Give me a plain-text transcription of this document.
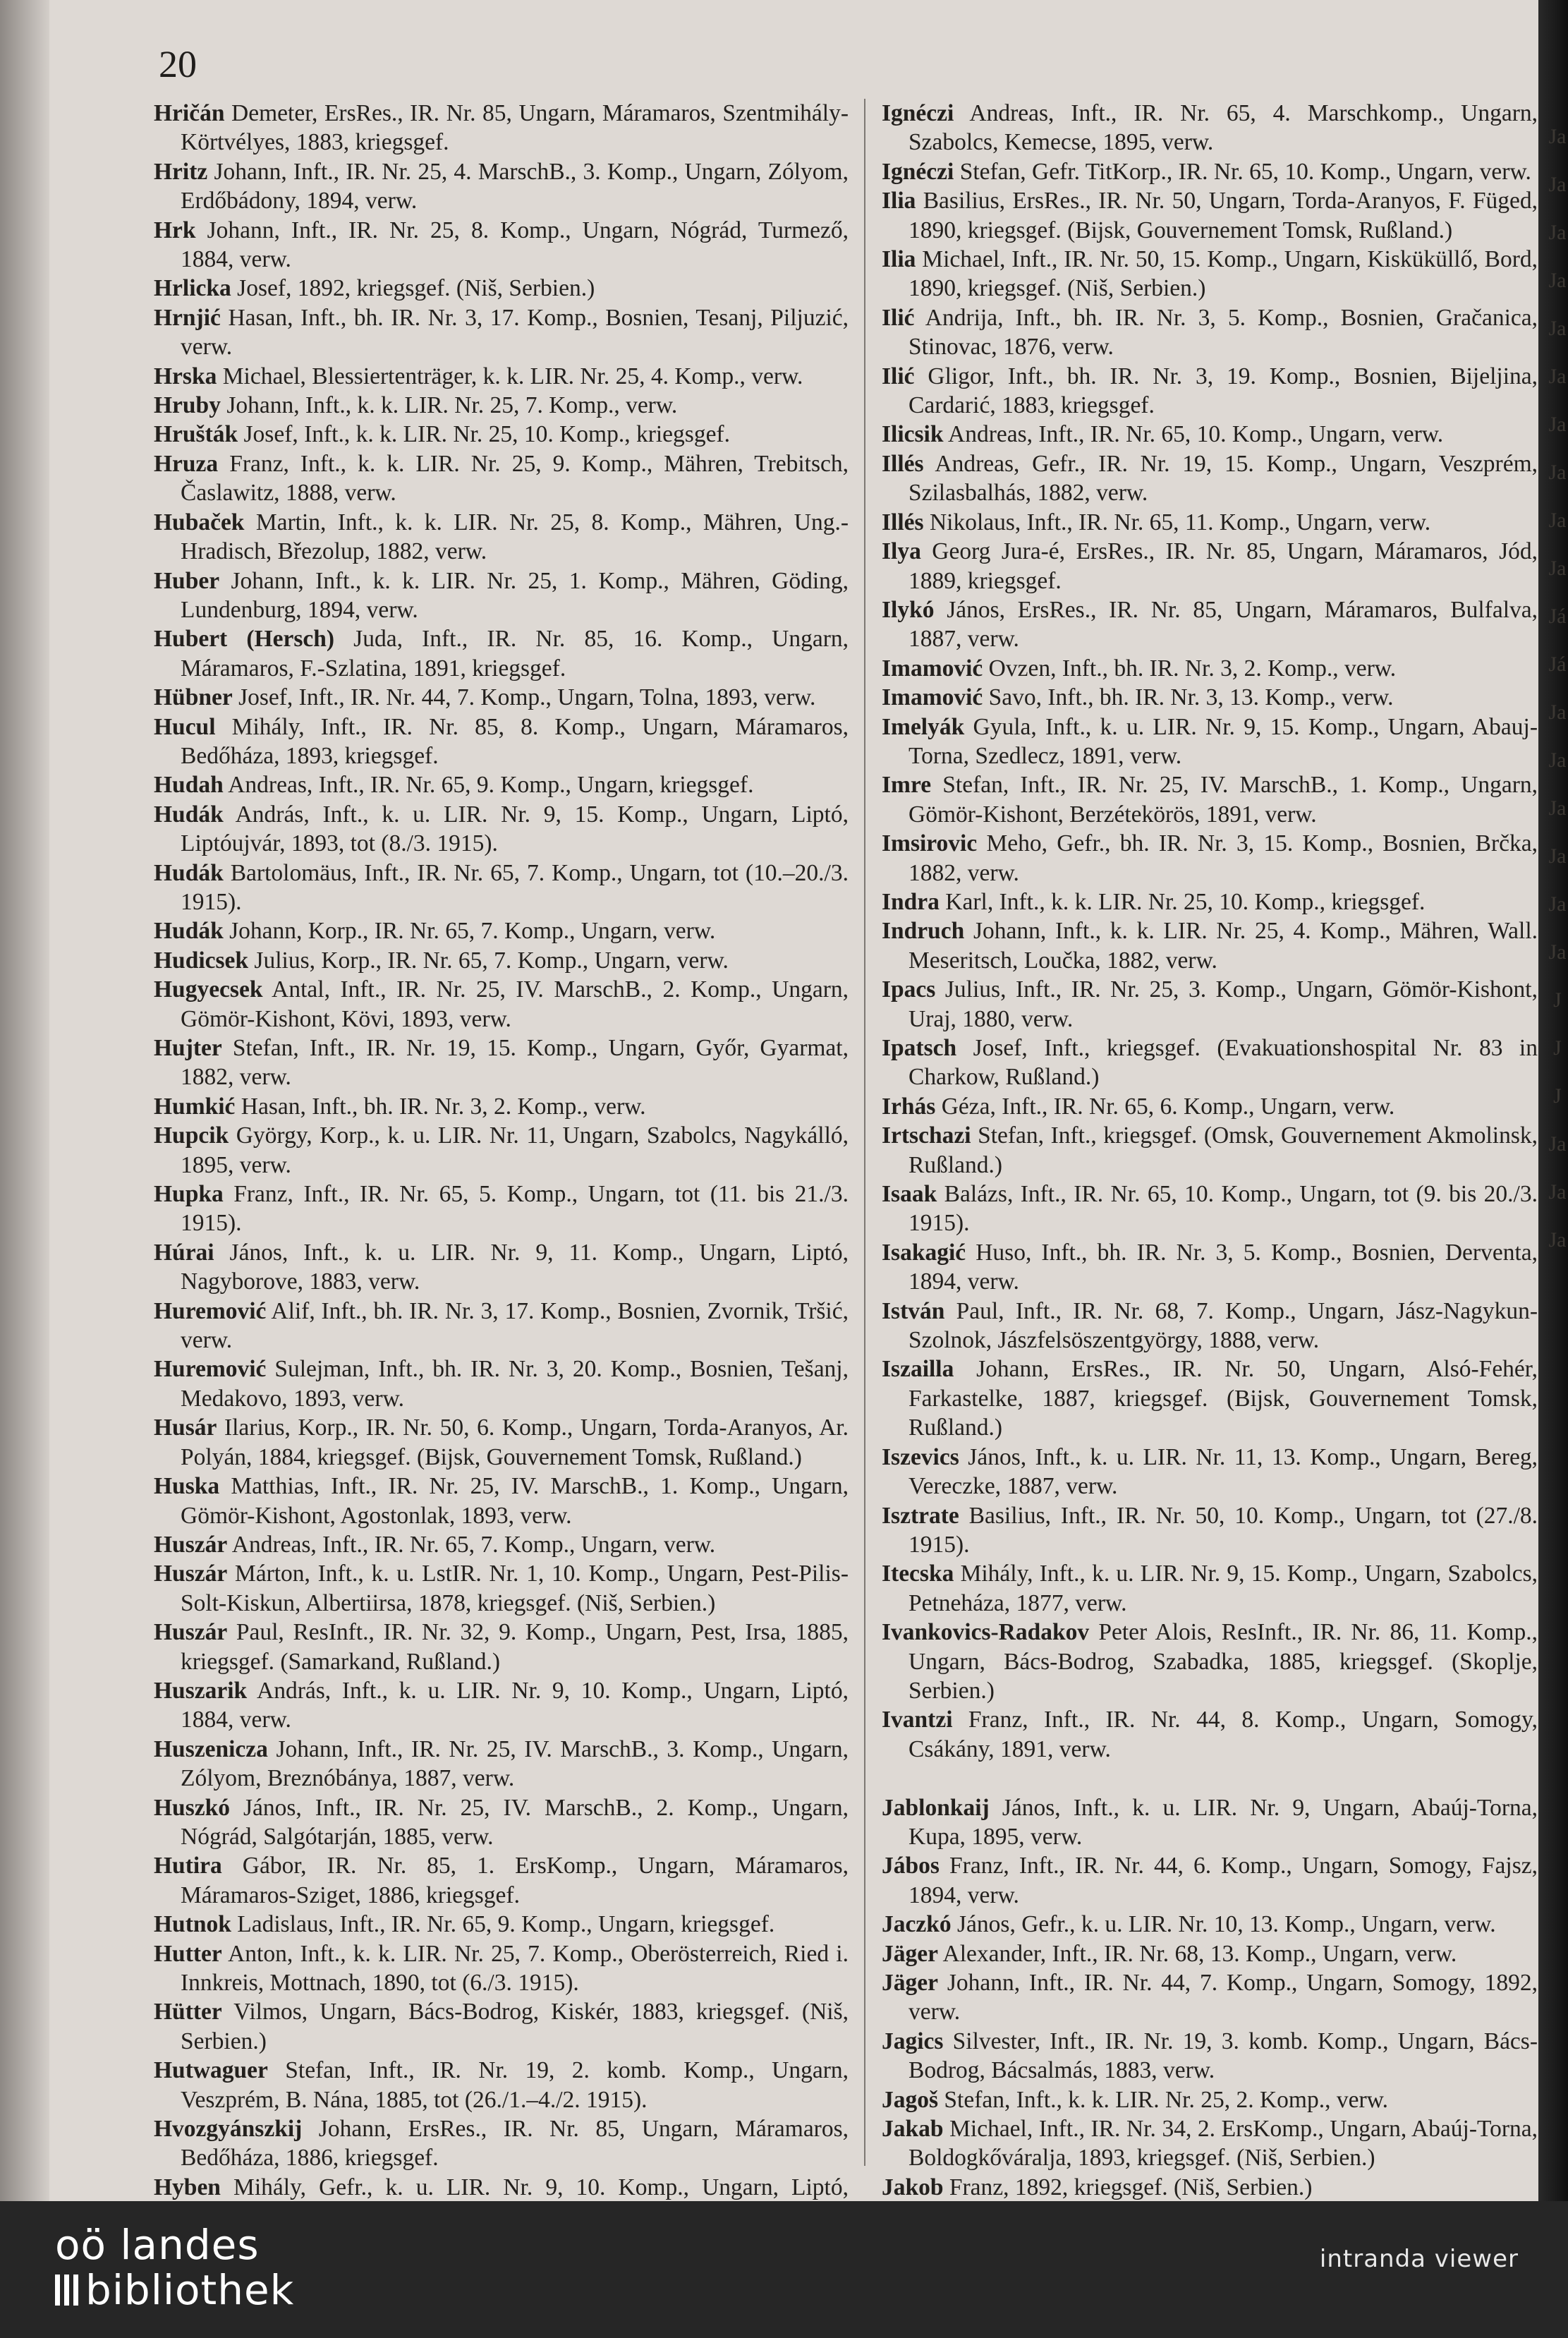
20

Hričán Demeter, ErsRes., IR. Nr. 85, Ungarn, Máramaros, Szentmihály-Körtvélyes, 1883, kriegsgef.

Hritz Johann, Inft., IR. Nr. 25, 4. MarschB., 3. Komp., Ungarn, Zólyom, Erdőbádony, 1894, verw.

Hrk Johann, Inft., IR. Nr. 25, 8. Komp., Ungarn, Nógrád, Turmező, 1884, verw.

Hrlicka Josef, 1892, kriegsgef. (Niš, Serbien.)

Hrnjić Hasan, Inft., bh. IR. Nr. 3, 17. Komp., Bosnien, Tesanj, Piljuzić, verw.

Hrska Michael, Blessiertenträger, k. k. LIR. Nr. 25, 4. Komp., verw.

Hruby Johann, Inft., k. k. LIR. Nr. 25, 7. Komp., verw.

Hrušták Josef, Inft., k. k. LIR. Nr. 25, 10. Komp., kriegsgef.

Hruza Franz, Inft., k. k. LIR. Nr. 25, 9. Komp., Mähren, Trebitsch, Časlawitz, 1888, verw.

Hubaček Martin, Inft., k. k. LIR. Nr. 25, 8. Komp., Mähren, Ung.-Hradisch, Březolup, 1882, verw.

Huber Johann, Inft., k. k. LIR. Nr. 25, 1. Komp., Mähren, Göding, Lundenburg, 1894, verw.

Hubert (Hersch) Juda, Inft., IR. Nr. 85, 16. Komp., Ungarn, Máramaros, F.-Szlatina, 1891, kriegsgef.

Hübner Josef, Inft., IR. Nr. 44, 7. Komp., Ungarn, Tolna, 1893, verw.

Hucul Mihály, Inft., IR. Nr. 85, 8. Komp., Ungarn, Máramaros, Bedőháza, 1893, kriegsgef.

Hudah Andreas, Inft., IR. Nr. 65, 9. Komp., Ungarn, kriegsgef.

Hudák András, Inft., k. u. LIR. Nr. 9, 15. Komp., Ungarn, Liptó, Liptóujvár, 1893, tot (8./3. 1915).

Hudák Bartolomäus, Inft., IR. Nr. 65, 7. Komp., Ungarn, tot (10.–20./3. 1915).

Hudák Johann, Korp., IR. Nr. 65, 7. Komp., Ungarn, verw.

Hudicsek Julius, Korp., IR. Nr. 65, 7. Komp., Ungarn, verw.

Hugyecsek Antal, Inft., IR. Nr. 25, IV. MarschB., 2. Komp., Ungarn, Gömör-Kishont, Kövi, 1893, verw.

Hujter Stefan, Inft., IR. Nr. 19, 15. Komp., Ungarn, Győr, Gyarmat, 1882, verw.

Humkić Hasan, Inft., bh. IR. Nr. 3, 2. Komp., verw.

Hupcik György, Korp., k. u. LIR. Nr. 11, Ungarn, Szabolcs, Nagykálló, 1895, verw.

Hupka Franz, Inft., IR. Nr. 65, 5. Komp., Ungarn, tot (11. bis 21./3. 1915).

Húrai János, Inft., k. u. LIR. Nr. 9, 11. Komp., Ungarn, Liptó, Nagyborove, 1883, verw.

Huremović Alif, Inft., bh. IR. Nr. 3, 17. Komp., Bosnien, Zvornik, Tršić, verw.

Huremović Sulejman, Inft., bh. IR. Nr. 3, 20. Komp., Bosnien, Tešanj, Medakovo, 1893, verw.

Husár Ilarius, Korp., IR. Nr. 50, 6. Komp., Ungarn, Torda-Aranyos, Ar. Polyán, 1884, kriegsgef. (Bijsk, Gouvernement Tomsk, Rußland.)

Huska Matthias, Inft., IR. Nr. 25, IV. MarschB., 1. Komp., Ungarn, Gömör-Kishont, Agostonlak, 1893, verw.

Huszár Andreas, Inft., IR. Nr. 65, 7. Komp., Ungarn, verw.

Huszár Márton, Inft., k. u. LstIR. Nr. 1, 10. Komp., Ungarn, Pest-Pilis-Solt-Kiskun, Albertiirsa, 1878, kriegsgef. (Niš, Serbien.)

Huszár Paul, ResInft., IR. Nr. 32, 9. Komp., Ungarn, Pest, Irsa, 1885, kriegsgef. (Samarkand, Rußland.)

Huszarik András, Inft., k. u. LIR. Nr. 9, 10. Komp., Ungarn, Liptó, 1884, verw.

Huszenicza Johann, Inft., IR. Nr. 25, IV. MarschB., 3. Komp., Ungarn, Zólyom, Breznóbánya, 1887, verw.

Huszkó János, Inft., IR. Nr. 25, IV. MarschB., 2. Komp., Ungarn, Nógrád, Salgótarján, 1885, verw.

Hutira Gábor, IR. Nr. 85, 1. ErsKomp., Ungarn, Máramaros, Máramaros-Sziget, 1886, kriegsgef.

Hutnok Ladislaus, Inft., IR. Nr. 65, 9. Komp., Ungarn, kriegsgef.

Hutter Anton, Inft., k. k. LIR. Nr. 25, 7. Komp., Oberösterreich, Ried i. Innkreis, Mottnach, 1890, tot (6./3. 1915).

Hütter Vilmos, Ungarn, Bács-Bodrog, Kiskér, 1883, kriegsgef. (Niš, Serbien.)

Hutwaguer Stefan, Inft., IR. Nr. 19, 2. komb. Komp., Ungarn, Veszprém, B. Nána, 1885, tot (26./1.–4./2. 1915).

Hvozgyánszkij Johann, ErsRes., IR. Nr. 85, Ungarn, Máramaros, Bedőháza, 1886, kriegsgef.

Hyben Mihály, Gefr., k. u. LIR. Nr. 9, 10. Komp., Ungarn, Liptó,

Ignéczi Andreas, Inft., IR. Nr. 65, 4. Marschkomp., Ungarn, Szabolcs, Kemecse, 1895, verw.

Ignéczi Stefan, Gefr. TitKorp., IR. Nr. 65, 10. Komp., Ungarn, verw.

Ilia Basilius, ErsRes., IR. Nr. 50, Ungarn, Torda-Aranyos, F. Füged, 1890, kriegsgef. (Bijsk, Gouvernement Tomsk, Rußland.)

Ilia Michael, Inft., IR. Nr. 50, 15. Komp., Ungarn, Kisküküllő, Bord, 1890, kriegsgef. (Niš, Serbien.)

Ilić Andrija, Inft., bh. IR. Nr. 3, 5. Komp., Bosnien, Gračanica, Stinovac, 1876, verw.

Ilić Gligor, Inft., bh. IR. Nr. 3, 19. Komp., Bosnien, Bijeljina, Cardarić, 1883, kriegsgef.

Ilicsik Andreas, Inft., IR. Nr. 65, 10. Komp., Ungarn, verw.

Illés Andreas, Gefr., IR. Nr. 19, 15. Komp., Ungarn, Veszprém, Szilasbalhás, 1882, verw.

Illés Nikolaus, Inft., IR. Nr. 65, 11. Komp., Ungarn, verw.

Ilya Georg Jura-é, ErsRes., IR. Nr. 85, Ungarn, Máramaros, Jód, 1889, kriegsgef.

Ilykó János, ErsRes., IR. Nr. 85, Ungarn, Máramaros, Bulfalva, 1887, verw.

Imamović Ovzen, Inft., bh. IR. Nr. 3, 2. Komp., verw.

Imamović Savo, Inft., bh. IR. Nr. 3, 13. Komp., verw.

Imelyák Gyula, Inft., k. u. LIR. Nr. 9, 15. Komp., Ungarn, Abauj-Torna, Szedlecz, 1891, verw.

Imre Stefan, Inft., IR. Nr. 25, IV. MarschB., 1. Komp., Ungarn, Gömör-Kishont, Berzétekörös, 1891, verw.

Imsirovic Meho, Gefr., bh. IR. Nr. 3, 15. Komp., Bosnien, Brčka, 1882, verw.

Indra Karl, Inft., k. k. LIR. Nr. 25, 10. Komp., kriegsgef.

Indruch Johann, Inft., k. k. LIR. Nr. 25, 4. Komp., Mähren, Wall. Meseritsch, Loučka, 1882, verw.

Ipacs Julius, Inft., IR. Nr. 25, 3. Komp., Ungarn, Gömör-Kishont, Uraj, 1880, verw.

Ipatsch Josef, Inft., kriegsgef. (Evakuationshospital Nr. 83 in Charkow, Rußland.)

Irhás Géza, Inft., IR. Nr. 65, 6. Komp., Ungarn, verw.

Irtschazi Stefan, Inft., kriegsgef. (Omsk, Gouvernement Akmolinsk, Rußland.)

Isaak Balázs, Inft., IR. Nr. 65, 10. Komp., Ungarn, tot (9. bis 20./3. 1915).

Isakagić Huso, Inft., bh. IR. Nr. 3, 5. Komp., Bosnien, Derventa, 1894, verw.

István Paul, Inft., IR. Nr. 68, 7. Komp., Ungarn, Jász-Nagykun-Szolnok, Jászfelsöszentgyörgy, 1888, verw.

Iszailla Johann, ErsRes., IR. Nr. 50, Ungarn, Alsó-Fehér, Farkastelke, 1887, kriegsgef. (Bijsk, Gouvernement Tomsk, Rußland.)

Iszevics János, Inft., k. u. LIR. Nr. 11, 13. Komp., Ungarn, Bereg, Vereczke, 1887, verw.

Isztrate Basilius, Inft., IR. Nr. 50, 10. Komp., Ungarn, tot (27./8. 1915).

Itecska Mihály, Inft., k. u. LIR. Nr. 9, 15. Komp., Ungarn, Szabolcs, Petneháza, 1877, verw.

Ivankovics-Radakov Peter Alois, ResInft., IR. Nr. 86, 11. Komp., Ungarn, Bács-Bodrog, Szabadka, 1885, kriegsgef. (Skoplje, Serbien.)

Ivantzi Franz, Inft., IR. Nr. 44, 8. Komp., Ungarn, Somogy, Csákány, 1891, verw.

Jablonkaij János, Inft., k. u. LIR. Nr. 9, Ungarn, Abaúj-Torna, Kupa, 1895, verw.

Jábos Franz, Inft., IR. Nr. 44, 6. Komp., Ungarn, Somogy, Fajsz, 1894, verw.

Jaczkó János, Gefr., k. u. LIR. Nr. 10, 13. Komp., Ungarn, verw.

Jäger Alexander, Inft., IR. Nr. 68, 13. Komp., Ungarn, verw.

Jäger Johann, Inft., IR. Nr. 44, 7. Komp., Ungarn, Somogy, 1892, verw.

Jagics Silvester, Inft., IR. Nr. 19, 3. komb. Komp., Ungarn, Bács-Bodrog, Bácsalmás, 1883, verw.

Jagoš Stefan, Inft., k. k. LIR. Nr. 25, 2. Komp., verw.

Jakab Michael, Inft., IR. Nr. 34, 2. ErsKomp., Ungarn, Abaúj-Torna, Boldogkőváralja, 1893, kriegsgef. (Niš, Serbien.)

Jakob Franz, 1892, kriegsgef. (Niš, Serbien.)

Ja
Ja
Ja
Ja
Ja
Ja
Ja
Ja
Ja
Ja
Já
Já
Ja
Ja
Ja
Ja
Ja
Ja
J
J
J
Ja
Ja
Ja
oö landes
bibliothek
intranda viewer
